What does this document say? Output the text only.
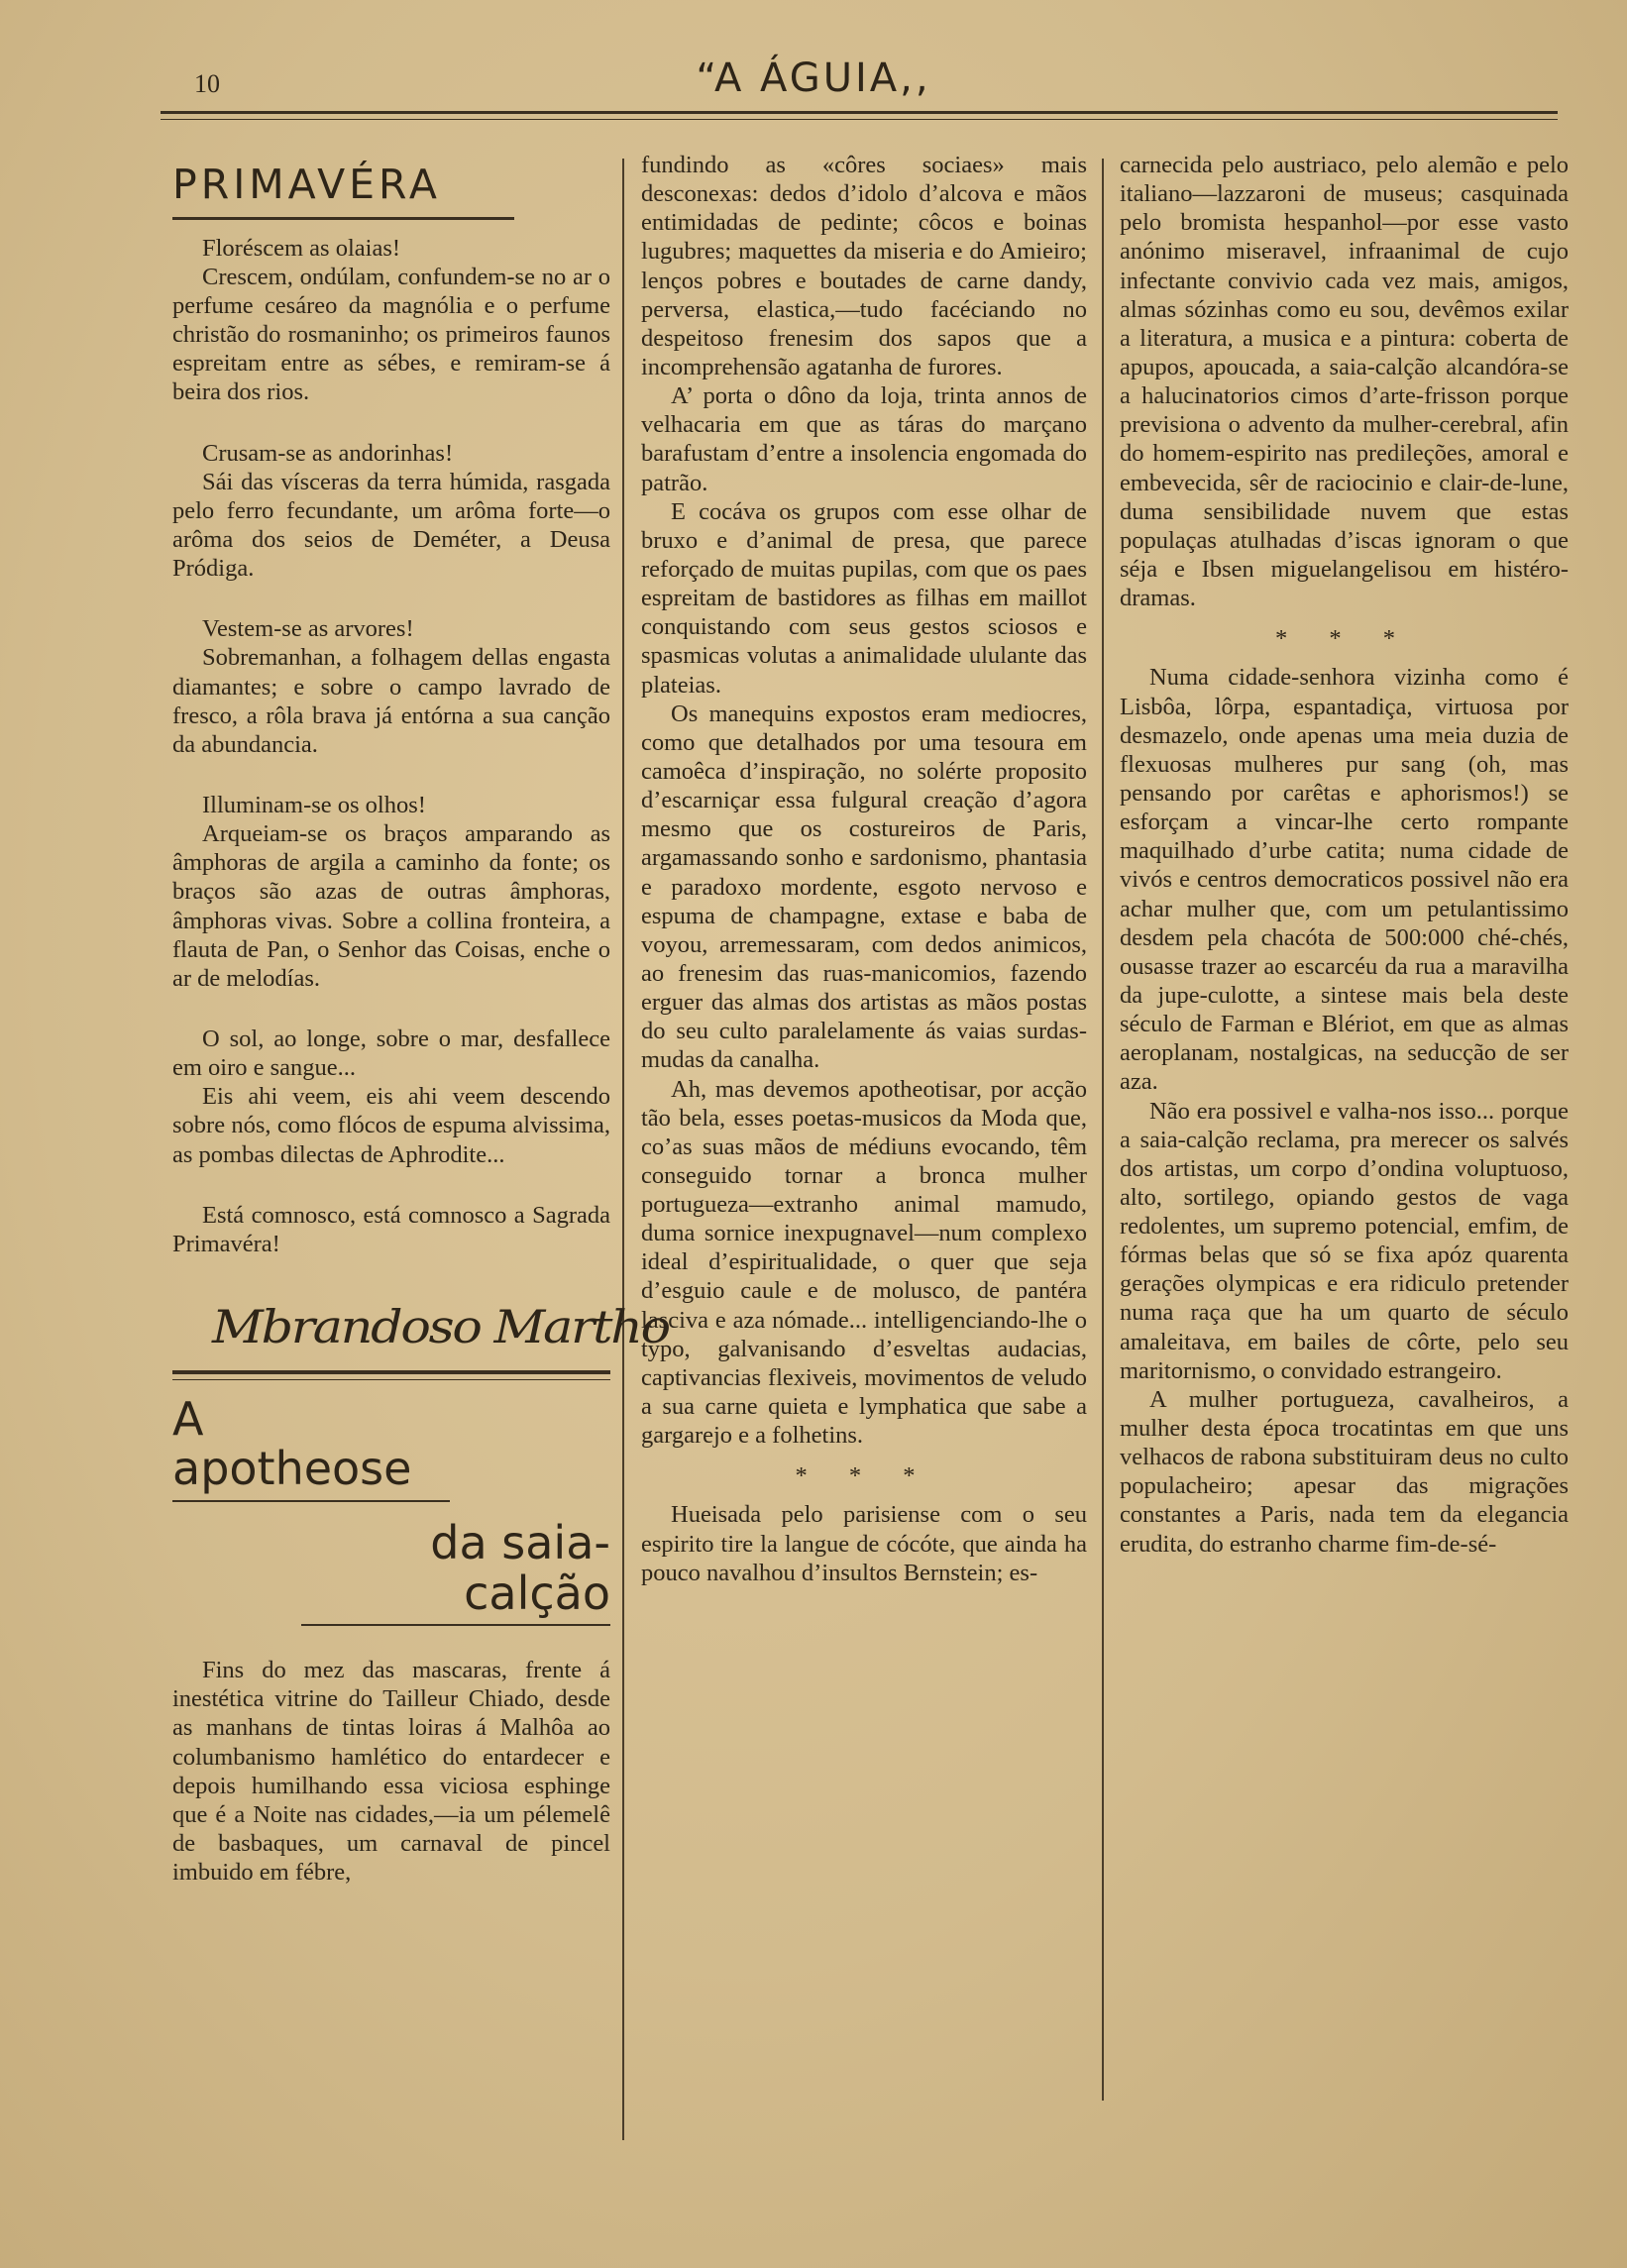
10	“A ÁGUIA,,
PRIMAVÉRA

Floréscem as olaias!

Crescem, ondúlam, confundem-se no ar o perfume cesáreo da magnólia e o perfume christão do rosmaninho; os primeiros faunos espreitam entre as sébes, e remiram-se á beira dos rios.

Crusam-se as andorinhas!

Sái das vísceras da terra húmida, rasgada pelo ferro fecundante, um arôma forte—o arôma dos seios de Deméter, a Deusa Pródiga.

Vestem-se as arvores!

Sobremanhan, a folhagem dellas engasta diamantes; e sobre o campo lavrado de fresco, a rôla brava já entórna a sua canção da abundancia.

Illuminam-se os olhos!

Arqueiam-se os braços amparando as âmphoras de argila a caminho da fonte; os braços são azas de outras âmphoras, âmphoras vivas. Sobre a collina fronteira, a flauta de Pan, o Senhor das Coisas, enche o ar de melodías.

O sol, ao longe, sobre o mar, desfallece em oiro e sangue...

Eis ahi veem, eis ahi veem descendo sobre nós, como flócos de espuma alvissima, as pombas dilectas de Aphrodite...

Está comnosco, está comnosco a Sagrada Primavéra!

Mbrandoso Martho
A apotheose
da saia-calção

Fins do mez das mascaras, frente á inestética vitrine do Tailleur Chiado, desde as manhans de tintas loiras á Malhôa ao columbanismo hamlético do entardecer e depois humilhando essa viciosa esphinge que é a Noite nas cidades,—ia um pélemelê de basbaques, um carnaval de pincel imbuido em fébre,

fundindo as «côres sociaes» mais desconexas: dedos d’idolo d’alcova e mãos entimidadas de pedinte; côcos e boinas lugubres; maquettes da miseria e do Amieiro; lenços pobres e boutades de carne dandy, perversa, elastica,—tudo facéciando no despeitoso frenesim dos sapos que a incomprehensão agatanha de furores.

A’ porta o dôno da loja, trinta annos de velhacaria em que as táras do marçano barafustam d’entre a insolencia engomada do patrão.

E cocáva os grupos com esse olhar de bruxo e d’animal de presa, que parece reforçado de muitas pupilas, com que os paes espreitam de bastidores as filhas em maillot conquistando com seus gestos sciosos e spasmicas volutas a animalidade ululante das plateias.

Os manequins expostos eram mediocres, como que detalhados por uma tesoura em camoêca d’inspiração, no solérte proposito d’escarniçar essa fulgural creação d’agora mesmo que os costureiros de Paris, argamassando sonho e sardonismo, phantasia e paradoxo mordente, esgoto nervoso e espuma de champagne, extase e baba de voyou, arremessaram, com dedos animicos, ao frenesim das ruas-manicomios, fazendo erguer das almas dos artistas as mãos postas do seu culto paralelamente ás vaias surdas-mudas da canalha.

Ah, mas devemos apotheotisar, por acção tão bela, esses poetas-musicos da Moda que, co’as suas mãos de médiuns evocando, têm conseguido tornar a bronca mulher portugueza—extranho animal mamudo, duma sornice inexpugnavel—num complexo ideal d’espiritualidade, o quer que seja d’esguio caule e de molusco, de pantéra lasciva e aza nómade... intelligenciando-lhe o typo, galvanisando d’esveltas audacias, captivancias flexiveis, movimentos de veludo a sua carne quieta e lymphatica que sabe a gargarejo e a folhetins.

* * *

Hueisada pelo parisiense com o seu espirito tire la langue de cócóte, que ainda ha pouco navalhou d’insultos Bernstein; es-

carnecida pelo austriaco, pelo alemão e pelo italiano—lazzaroni de museus; casquinada pelo bromista hespanhol—por esse vasto anónimo miseravel, infraanimal de cujo infectante convivio cada vez mais, amigos, almas sózinhas como eu sou, devêmos exilar a literatura, a musica e a pintura: coberta de apupos, apoucada, a saia-calção alcandóra-se a halucinatorios cimos d’arte-frisson porque previsiona o advento da mulher-cerebral, afin do homem-espirito nas predileções, amoral e embevecida, sêr de raciocinio e clair-de-lune, duma sensibilidade nuvem que estas populaças atulhadas d’iscas ignoram o que séja e Ibsen miguelangelisou em histéro-dramas.

* * *

Numa cidade-senhora vizinha como é Lisbôa, lôrpa, espantadiça, virtuosa por desmazelo, onde apenas uma meia duzia de flexuosas mulheres pur sang (oh, mas pensando por carêtas e aphorismos!) se esforçam a vincar-lhe certo rompante maquilhado d’urbe catita; numa cidade de vivós e centros democraticos possivel não era achar mulher que, com um petulantissimo desdem pela chacóta de 500:000 ché-chés, ousasse trazer ao escarcéu da rua a maravilha da jupe-culotte, a sintese mais bela deste século de Farman e Blériot, em que as almas aeroplanam, nostalgicas, na seducção de ser aza.

Não era possivel e valha-nos isso... porque a saia-calção reclama, pra merecer os salvés dos artistas, um corpo d’ondina voluptuoso, alto, sortilego, opiando gestos de vaga redolentes, um supremo potencial, emfim, de fórmas belas que só se fixa apóz quarenta gerações olympicas e era ridiculo pretender numa raça que ha um quarto de século amaleitava, em bailes de côrte, pelo seu maritornismo, o convidado estrangeiro.

A mulher portugueza, cavalheiros, a mulher desta época trocatintas em que uns velhacos de rabona substituiram deus no culto populacheiro; apesar das migrações constantes a Paris, nada tem da elegancia erudita, do estranho charme fim-de-sé-
